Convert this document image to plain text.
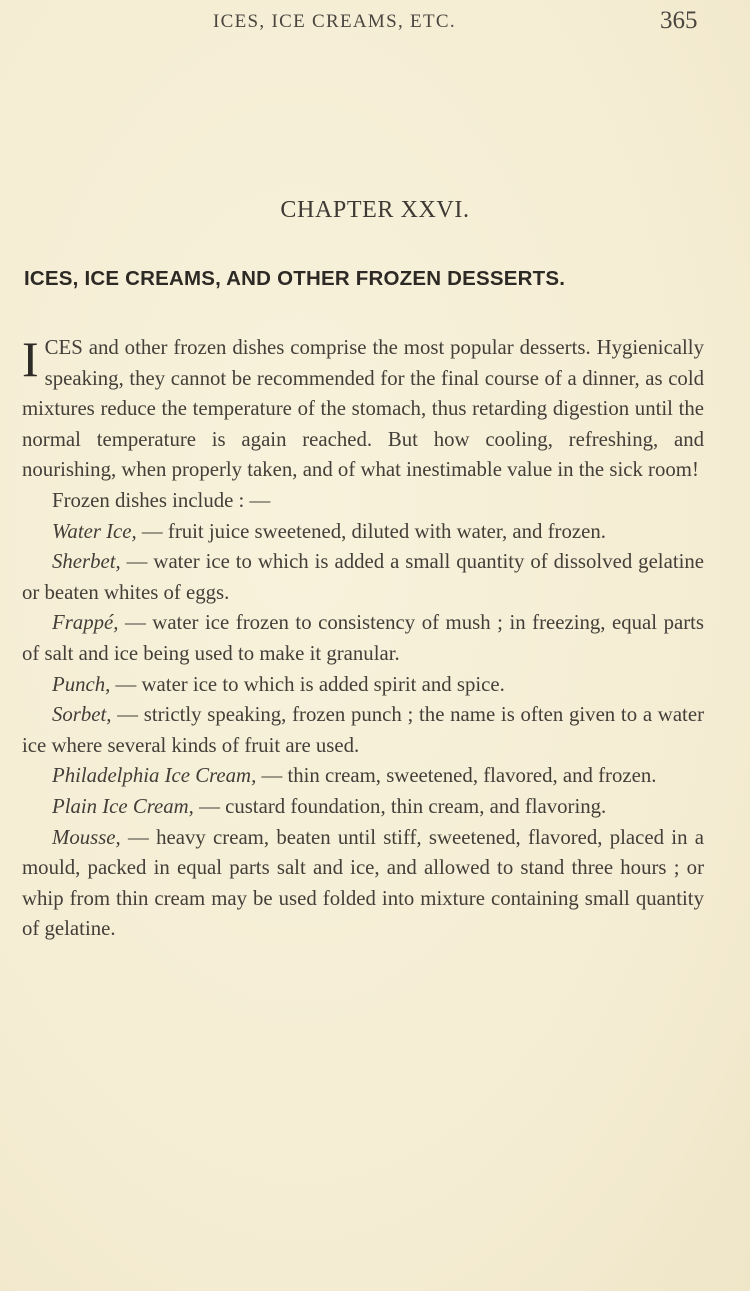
ICES, ICE CREAMS, ETC.	365
CHAPTER XXVI.
ICES, ICE CREAMS, AND OTHER FROZEN DESSERTS.

ICES and other frozen dishes comprise the most popular desserts. Hygienically speaking, they cannot be recommended for the final course of a dinner, as cold mixtures reduce the temperature of the stomach, thus retarding digestion until the normal temperature is again reached. But how cooling, refreshing, and nourishing, when properly taken, and of what inestimable value in the sick room!

Frozen dishes include : —

Water Ice, — fruit juice sweetened, diluted with water, and frozen.

Sherbet, — water ice to which is added a small quantity of dissolved gelatine or beaten whites of eggs.

Frappé, — water ice frozen to consistency of mush ; in freezing, equal parts of salt and ice being used to make it granular.

Punch, — water ice to which is added spirit and spice.

Sorbet, — strictly speaking, frozen punch ; the name is often given to a water ice where several kinds of fruit are used.

Philadelphia Ice Cream, — thin cream, sweetened, flavored, and frozen.

Plain Ice Cream, — custard foundation, thin cream, and flavoring.

Mousse, — heavy cream, beaten until stiff, sweetened, flavored, placed in a mould, packed in equal parts salt and ice, and allowed to stand three hours ; or whip from thin cream may be used folded into mixture containing small quantity of gelatine.
